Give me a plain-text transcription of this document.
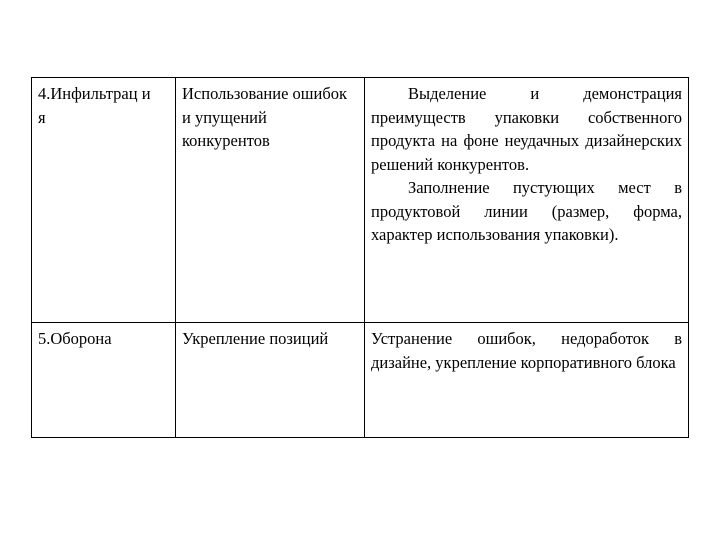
4.Инфильтрац ия	Использование ошибок и упущений конкурентов	Выделение и демонстрация преимуществ упаковки собственного продукта на фоне неудачных дизайнерских решений конкурентов.

Заполнение пустующих мест в продуктовой линии (размер, форма, характер использования упаковки).

5.Оборона	Укрепление позиций	Устранение ошибок, недоработок в дизайне, укрепление корпоративного блока
